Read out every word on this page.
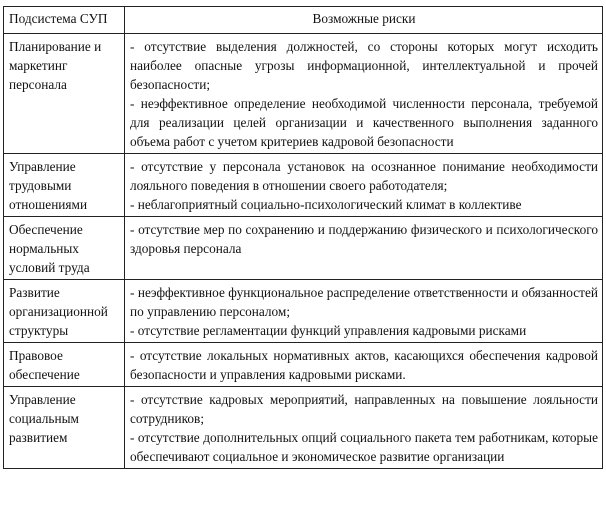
Подсистема СУП	Возможные риски
Планирование и маркетинг персонала	- отсутствие выделения должностей, со стороны которых могут исходить наиболее опасные угрозы информационной, интеллектуальной и прочей безопасности;
- неэффективное определение необходимой численности персонала, требуемой для реализации целей организации и качественного выполнения заданного объема работ с учетом критериев кадровой безопасности

Управление трудовыми отношениями	- отсутствие у персонала установок на осознанное понимание необходимости лояльного поведения в отношении своего работодателя;
- неблагоприятный социально-психологический климат в коллективе

Обеспечение нормальных условий труда	- отсутствие мер по сохранению и поддержанию физического и психологического здоровья персонала

Развитие организационной структуры	- неэффективное функциональное распределение ответственности и обязанностей по управлению персоналом;
- отсутствие регламентации функций управления кадровыми рисками

Правовое обеспечение	- отсутствие локальных нормативных актов, касающихся обеспечения кадровой безопасности и управления кадровыми рисками.

Управление социальным развитием	- отсутствие кадровых мероприятий, направленных на повышение лояльности сотрудников;
- отсутствие дополнительных опций социального пакета тем работникам, которые обеспечивают социальное и экономическое развитие организации
